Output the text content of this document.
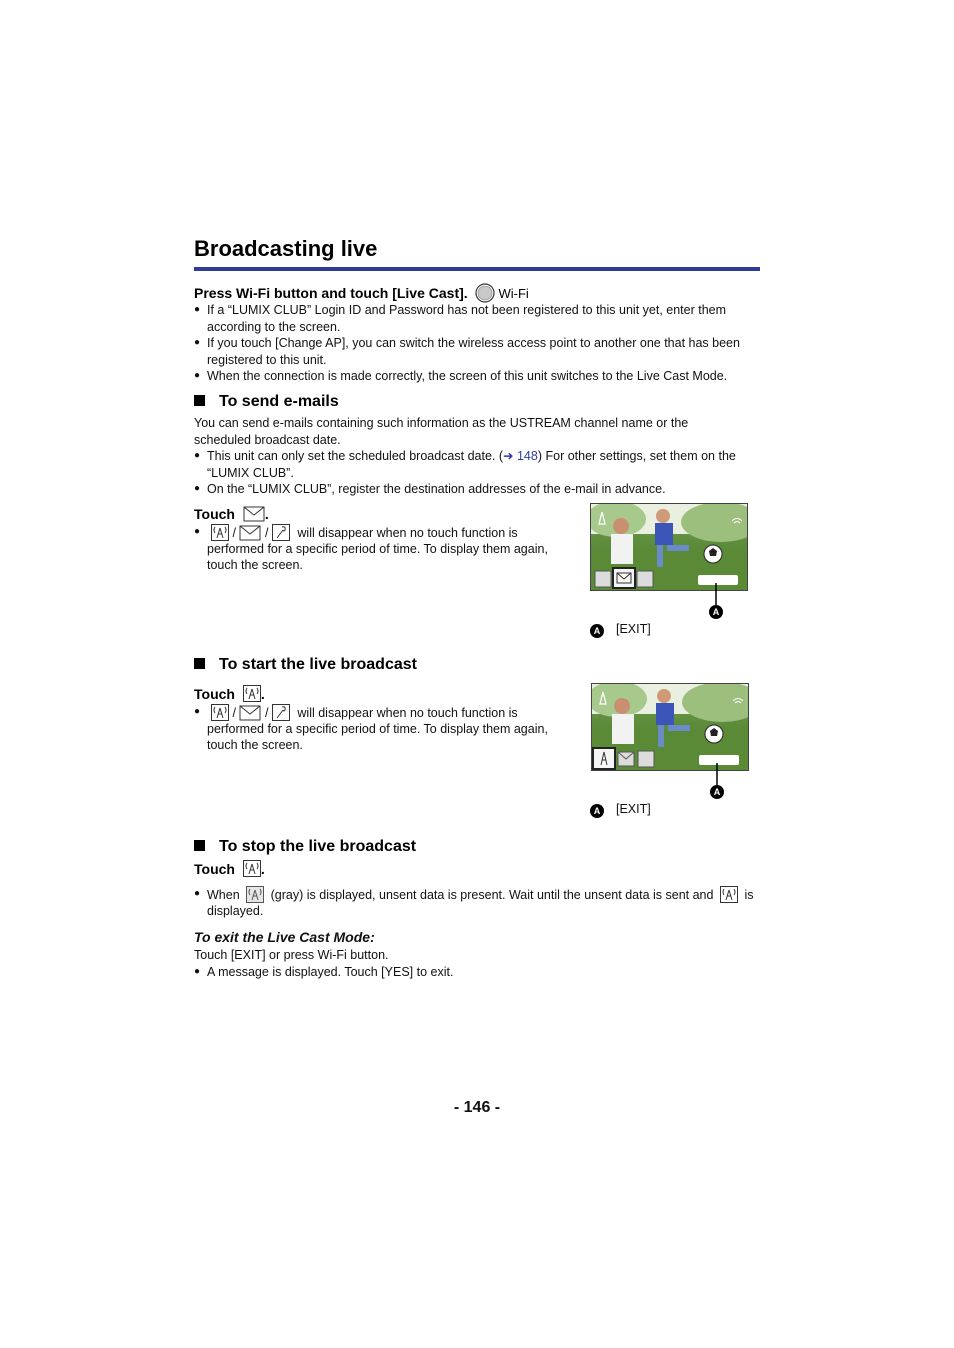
Broadcasting live
Press Wi-Fi button and touch [Live Cast]. Wi-Fi
● If a “LUMIX CLUB” Login ID and Password has not been registered to this unit yet, enter them
according to the screen.
● If you touch [Change AP], you can switch the wireless access point to another one that has been
registered to this unit.
● When the connection is made correctly, the screen of this unit switches to the Live Cast Mode.
To send e-mails
You can send e-mails containing such information as the USTREAM channel name or the
scheduled broadcast date.
● This unit can only set the scheduled broadcast date. (➜ 148) For other settings, set them on the
“LUMIX CLUB”.
● On the “LUMIX CLUB”, register the destination addresses of the e-mail in advance.
Touch .
●	/ / will disappear when no touch function is
performed for a specific period of time. To display them again,
touch the screen.
A
A	[EXIT]
To start the live broadcast
Touch .
●	/ / will disappear when no touch function is
performed for a specific period of time. To display them again,
touch the screen.
A
A	[EXIT]
To stop the live broadcast
Touch .
● When (gray) is displayed, unsent data is present. Wait until the unsent data is sent and is
displayed.
To exit the Live Cast Mode:
Touch [EXIT] or press Wi-Fi button.
● A message is displayed. Touch [YES] to exit.
- 146 -
